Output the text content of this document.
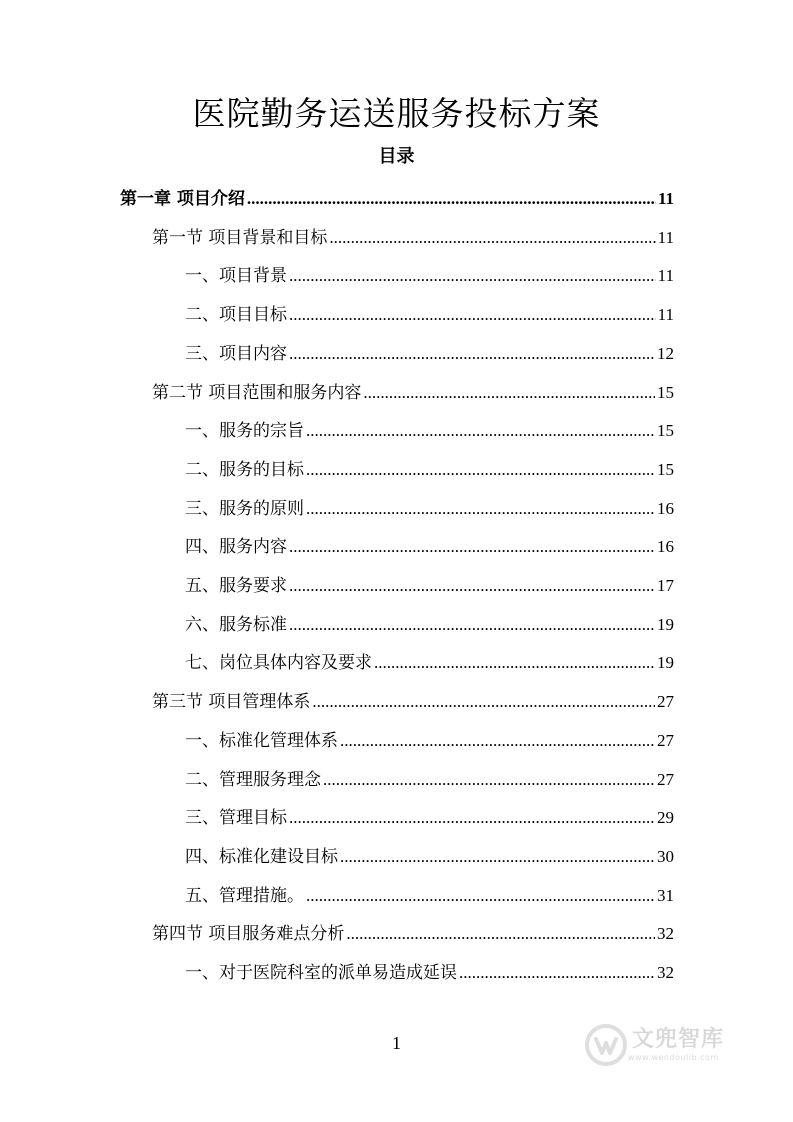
医院勤务运送服务投标方案
目录
第一章 项目介绍 .....	11
第一节 项目背景和目标 .....	11
一、项目背景 .....	11
二、项目目标 .....	11
三、项目内容 .....	12
第二节 项目范围和服务内容 .....	15
一、服务的宗旨 .....	15
二、服务的目标 .....	15
三、服务的原则 .....	16
四、服务内容 .....	16
五、服务要求 .....	17
六、服务标准 .....	19
七、岗位具体内容及要求 .....	19
第三节 项目管理体系 .....	27
一、标准化管理体系 .....	27
二、管理服务理念 .....	27
三、管理目标 .....	29
四、标准化建设目标 .....	30
五、管理措施。 .....	31
第四节 项目服务难点分析 .....	32
一、对于医院科室的派单易造成延误 .....	32
1	文兜智库
www.wendoulib.com
